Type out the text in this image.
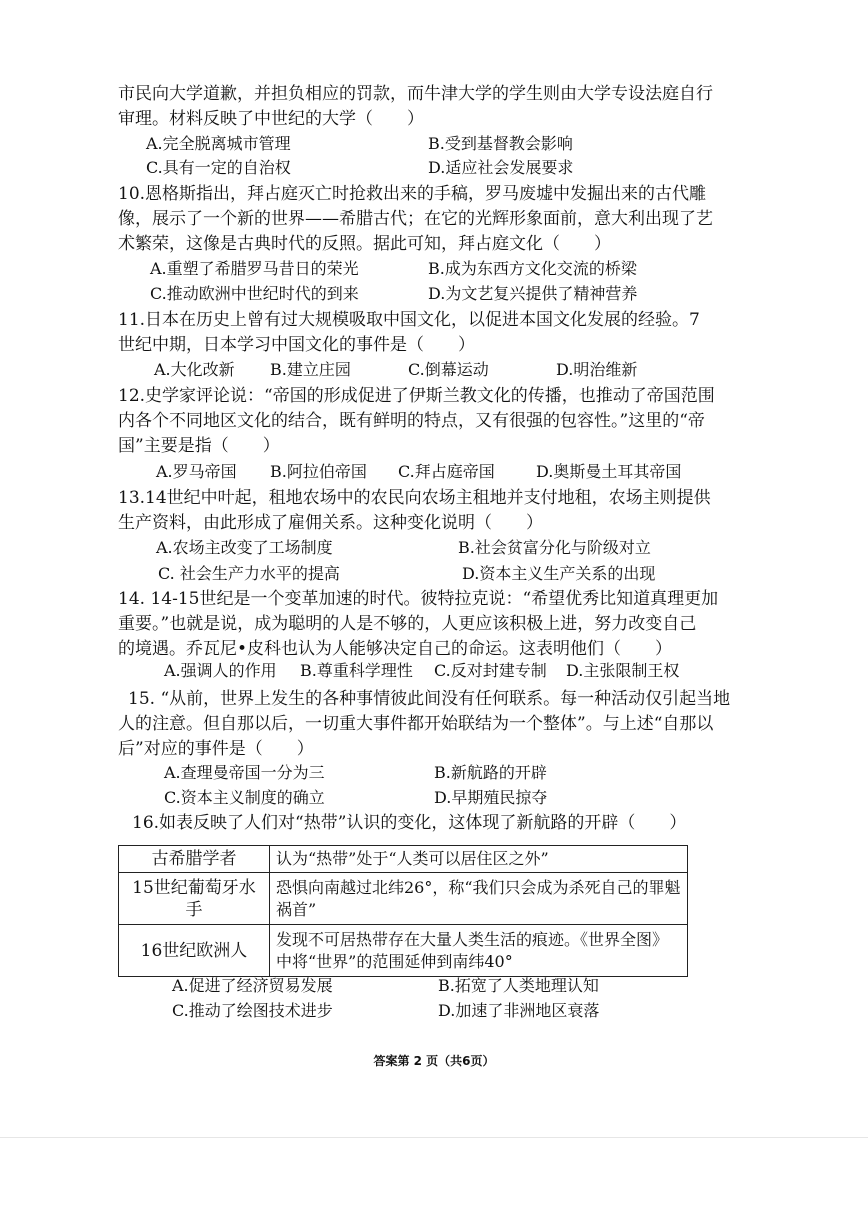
市民向大学道歉，并担负相应的罚款，而牛津大学的学生则由大学专设法庭自行
审理。材料反映了中世纪的大学（　　）
A.完全脱离城市管理	B.受到基督教会影响
C.具有一定的自治权	D.适应社会发展要求
10.恩格斯指出，拜占庭灭亡时抢救出来的手稿，罗马废墟中发掘出来的古代雕
像，展示了一个新的世界——希腊古代；在它的光辉形象面前，意大利出现了艺
术繁荣，这像是古典时代的反照。据此可知，拜占庭文化（　　）
A.重塑了希腊罗马昔日的荣光	B.成为东西方文化交流的桥梁
C.推动欧洲中世纪时代的到来	D.为文艺复兴提供了精神营养
11.日本在历史上曾有过大规模吸取中国文化，以促进本国文化发展的经验。7
世纪中期，日本学习中国文化的事件是（　　）
A.大化改新 B.建立庄园	C.倒幕运动	D.明治维新
12.史学家评论说：“帝国的形成促进了伊斯兰教文化的传播，也推动了帝国范围
内各个不同地区文化的结合，既有鲜明的特点，又有很强的包容性。”这里的“帝
国”主要是指（　　）
A.罗马帝国 B.阿拉伯帝国 C.拜占庭帝国	D.奥斯曼土耳其帝国
13.14世纪中叶起，租地农场中的农民向农场主租地并支付地租，农场主则提供
生产资料，由此形成了雇佣关系。这种变化说明（　　）
A.农场主改变了工场制度	B.社会贫富分化与阶级对立
C. 社会生产力水平的提高	D.资本主义生产关系的出现
14. 14-15世纪是一个变革加速的时代。彼特拉克说：“希望优秀比知道真理更加
重要。”也就是说，成为聪明的人是不够的，人更应该积极上进，努力改变自己
的境遇。乔瓦尼•皮科也认为人能够决定自己的命运。这表明他们（　　）
A.强调人的作用 B.尊重科学理性 C.反对封建专制 D.主张限制王权
15. “从前，世界上发生的各种事情彼此间没有任何联系。每一种活动仅引起当地
人的注意。但自那以后，一切重大事件都开始联结为一个整体”。与上述“自那以
后”对应的事件是（　　）
A.查理曼帝国一分为三	B.新航路的开辟
C.资本主义制度的确立	D.早期殖民掠夺
16.如表反映了人们对“热带”认识的变化，这体现了新航路的开辟（　　）
古希腊学者	认为“热带”处于“人类可以居住区之外”
15世纪葡萄牙水手	恐惧向南越过北纬26°，称“我们只会成为杀死自己的罪魁祸首”
16世纪欧洲人	发现不可居热带存在大量人类生活的痕迹。《世界全图》中将“世界”的范围延伸到南纬40°
A.促进了经济贸易发展	B.拓宽了人类地理认知
C.推动了绘图技术进步	D.加速了非洲地区衰落
答案第 2 页（共6页）
